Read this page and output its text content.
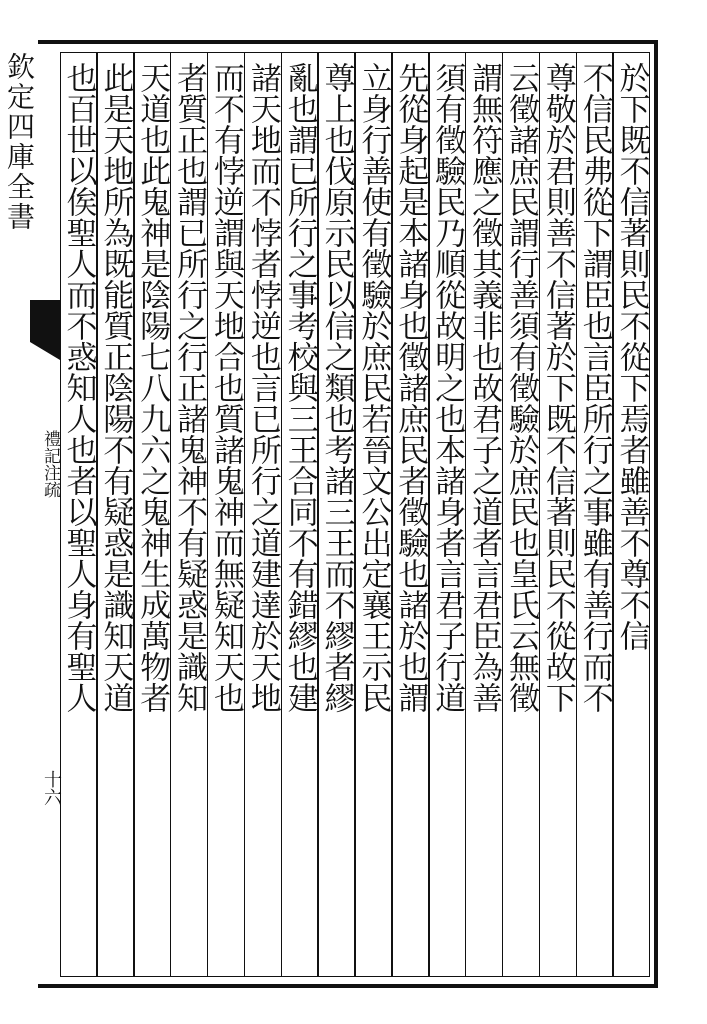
欽定四庫全書
禮記注疏
十六
於下既不信著則民不從下焉者雖善不尊不信
不信民弗從下謂臣也言臣所行之事雖有善行而不
尊敬於君則善不信著於下既不信著則民不從故下
云徵諸庶民謂行善須有徵驗於庶民也皇氏云無徵
謂無符應之徵其義非也故君子之道者言君臣為善
須有徵驗民乃順從故明之也本諸身者言君子行道
先從身起是本諸身也徵諸庶民者徵驗也諸於也謂
立身行善使有徵驗於庶民若晉文公出定襄王示民
尊上也伐原示民以信之類也考諸三王而不繆者繆
亂也謂已所行之事考校與三王合同不有錯繆也建
諸天地而不悖者悖逆也言已所行之道建達於天地
而不有悖逆謂與天地合也質諸鬼神而無疑知天也
者質正也謂已所行之行正諸鬼神不有疑惑是識知
天道也此鬼神是陰陽七八九六之鬼神生成萬物者
此是天地所為既能質正陰陽不有疑惑是識知天道
也百世以俟聖人而不惑知人也者以聖人身有聖人
